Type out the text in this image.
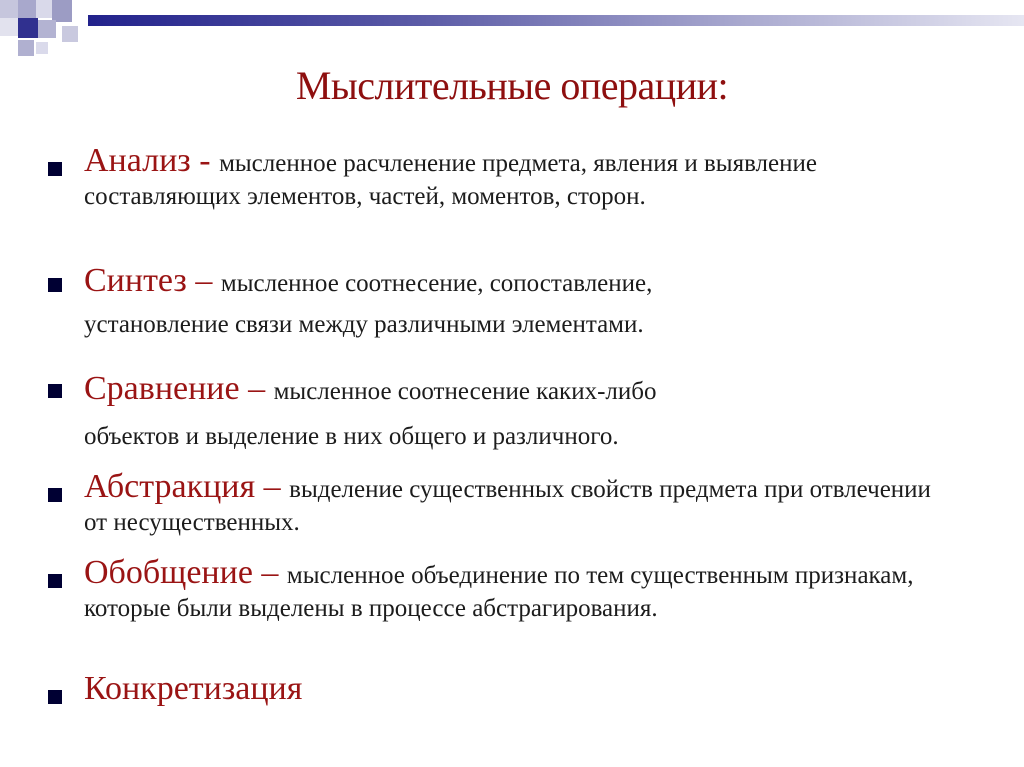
Мыслительные операции:
Анализ - мысленное расчленение предмета, явления и выявление составляющих элементов, частей, моментов, сторон.
Синтез – мысленное соотнесение, сопоставление,
установление связи между различными элементами.
Сравнение – мысленное соотнесение каких-либо
объектов и выделение в них общего и различного.
Абстракция – выделение существенных свойств предмета при отвлечении от несущественных.
Обобщение – мысленное объединение по тем существенным признакам, которые были выделены в процессе абстрагирования.
Конкретизация
